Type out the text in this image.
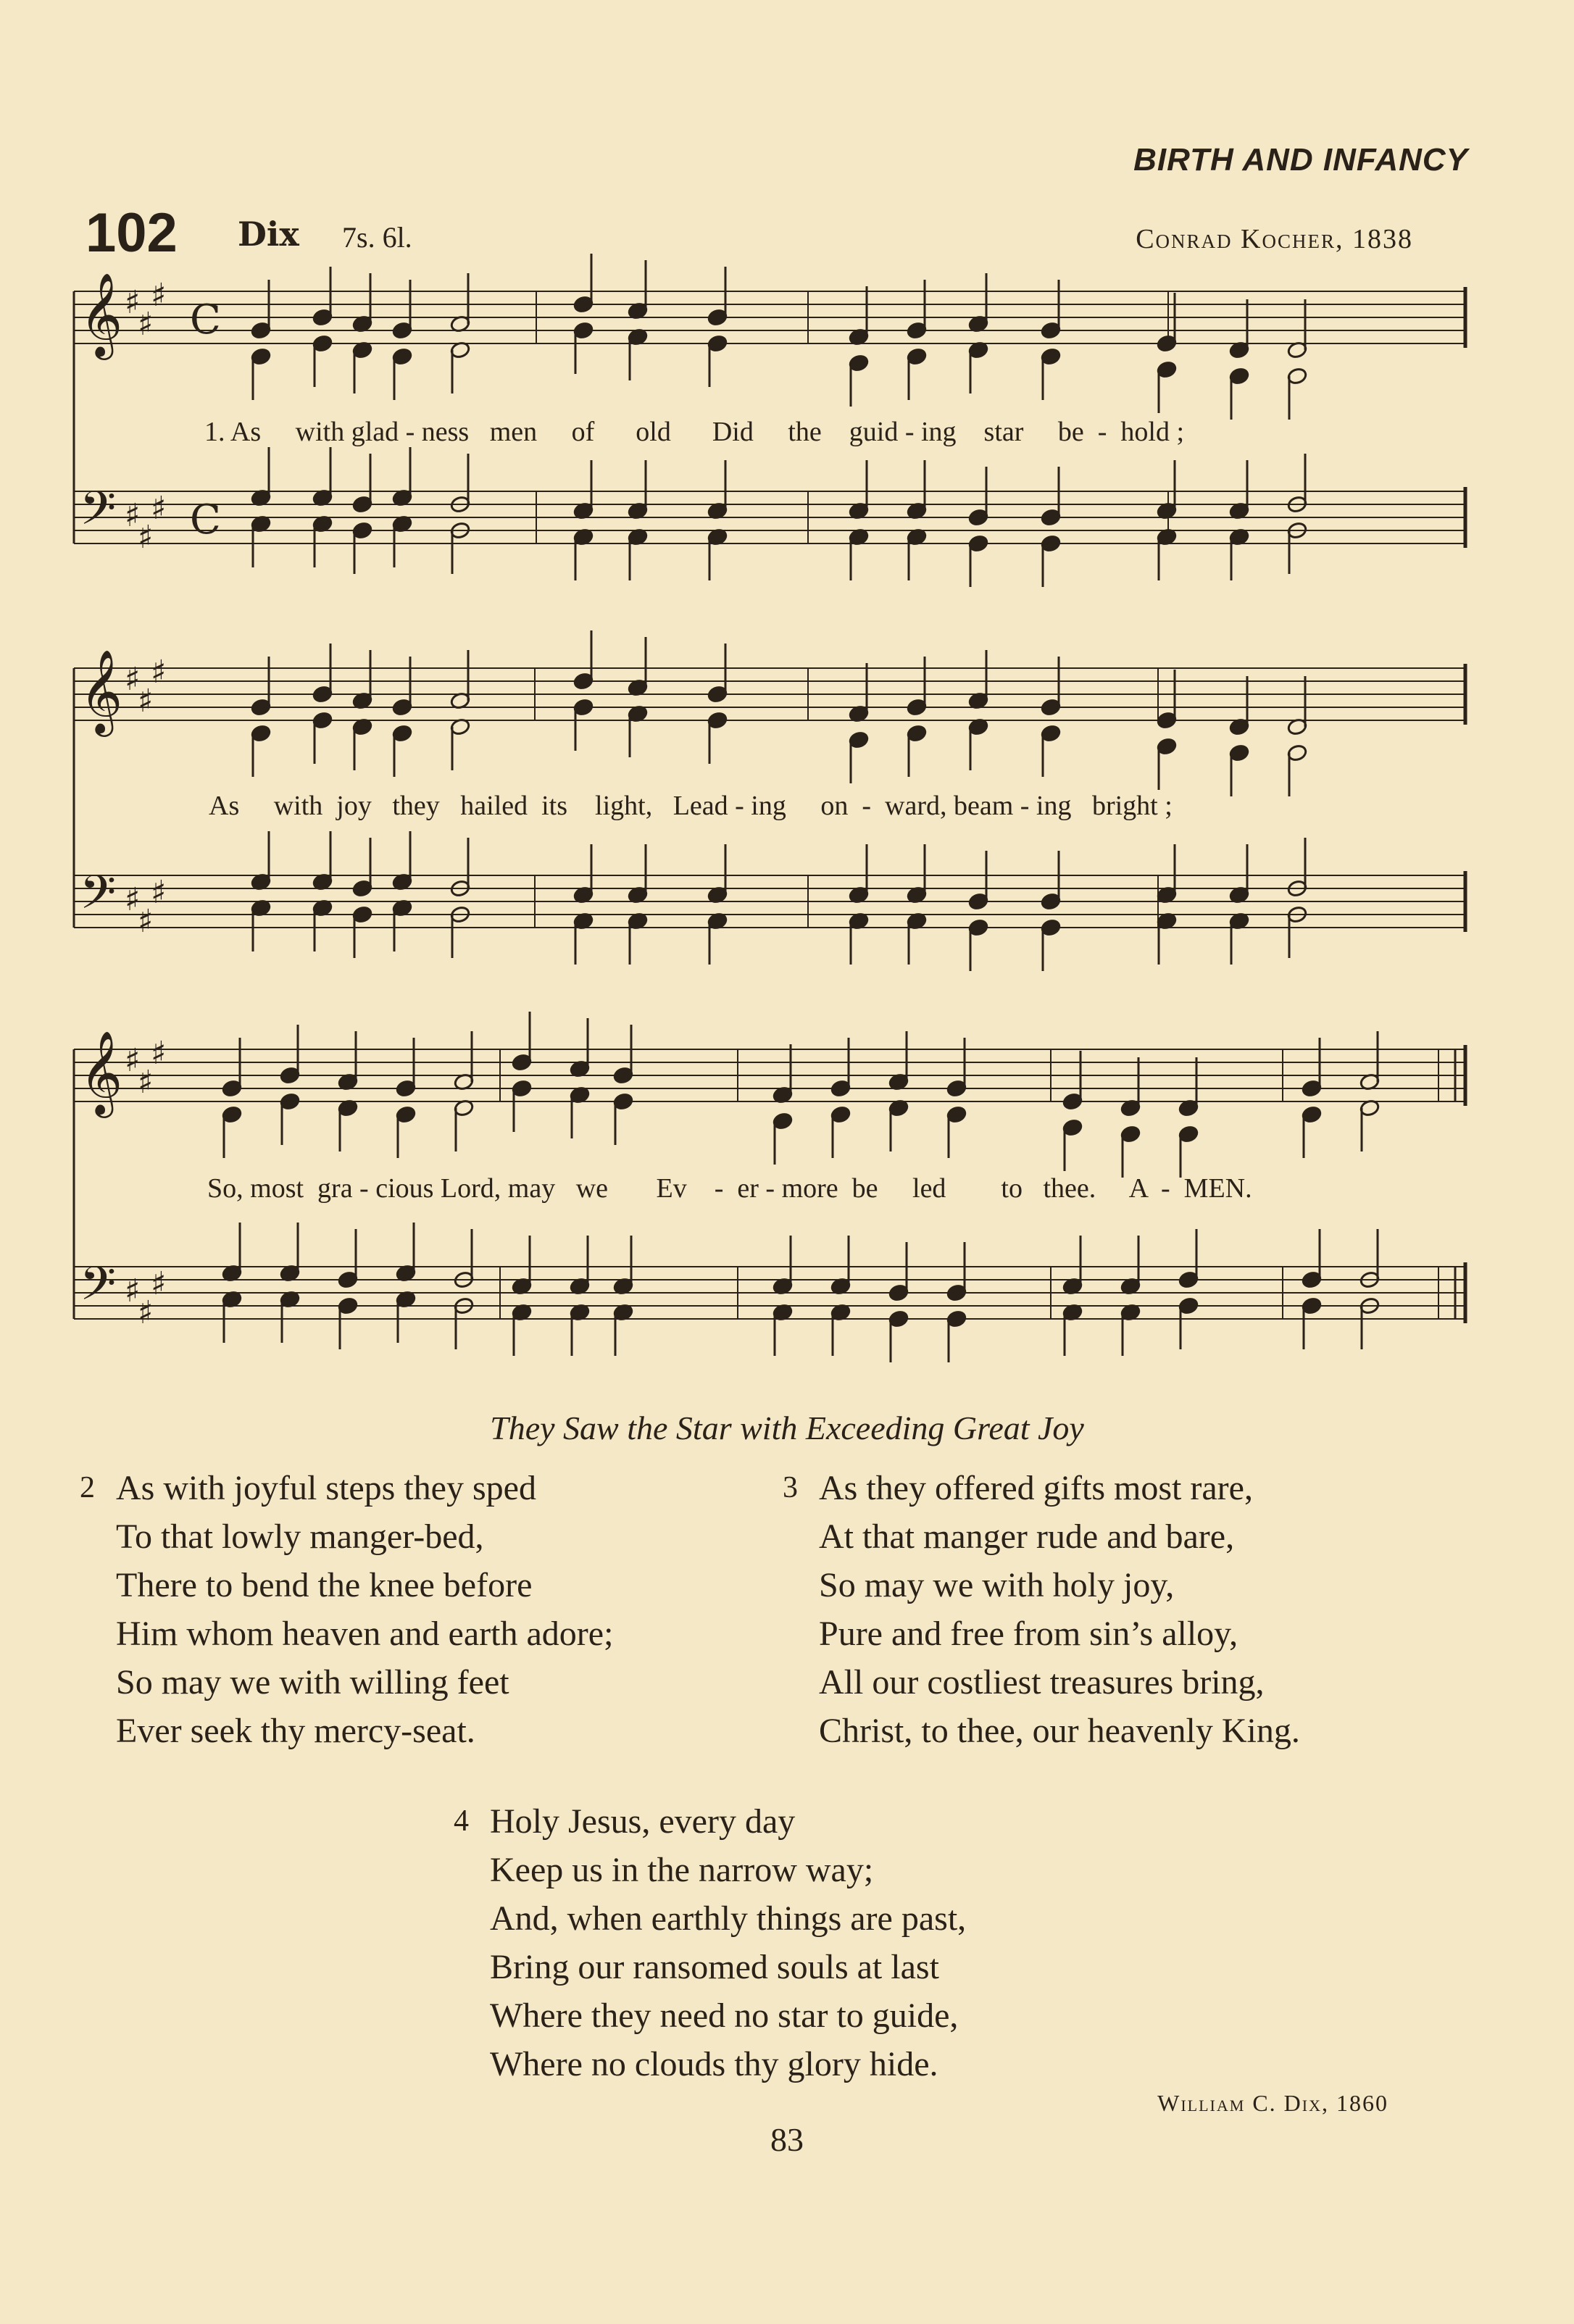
BIRTH AND INFANCY
102 Dix 7s. 6l.	Conrad Kocher, 1838
𝄞 ♯
♯
♯
C
𝄢 ♯
♯
♯ C
𝄞 ♯
♯
♯
𝄢 ♯
♯
♯
𝄞 ♯
♯
♯
𝄢 ♯
♯
♯
1. As     with glad - ness   men     of      old      Did     the    guid - ing    star     be  -  hold ;
As     with  joy   they   hailed  its    light,   Lead - ing     on  -  ward, beam - ing   bright ;
So, most  gra - cious Lord, may   we       Ev    -  er - more  be     led        to   thee.     A  -  MEN.
They Saw the Star with Exceeding Great Joy
2 As with joyful steps they sped
To that lowly manger-bed,
There to bend the knee before
Him whom heaven and earth adore;
So may we with willing feet
Ever seek thy mercy-seat.
3 As they offered gifts most rare,
At that manger rude and bare,
So may we with holy joy,
Pure and free from sin’s alloy,
All our costliest treasures bring,
Christ, to thee, our heavenly King.
4 Holy Jesus, every day
Keep us in the narrow way;
And, when earthly things are past,
Bring our ransomed souls at last
Where they need no star to guide,
Where no clouds thy glory hide.
William C. Dix, 1860
83
